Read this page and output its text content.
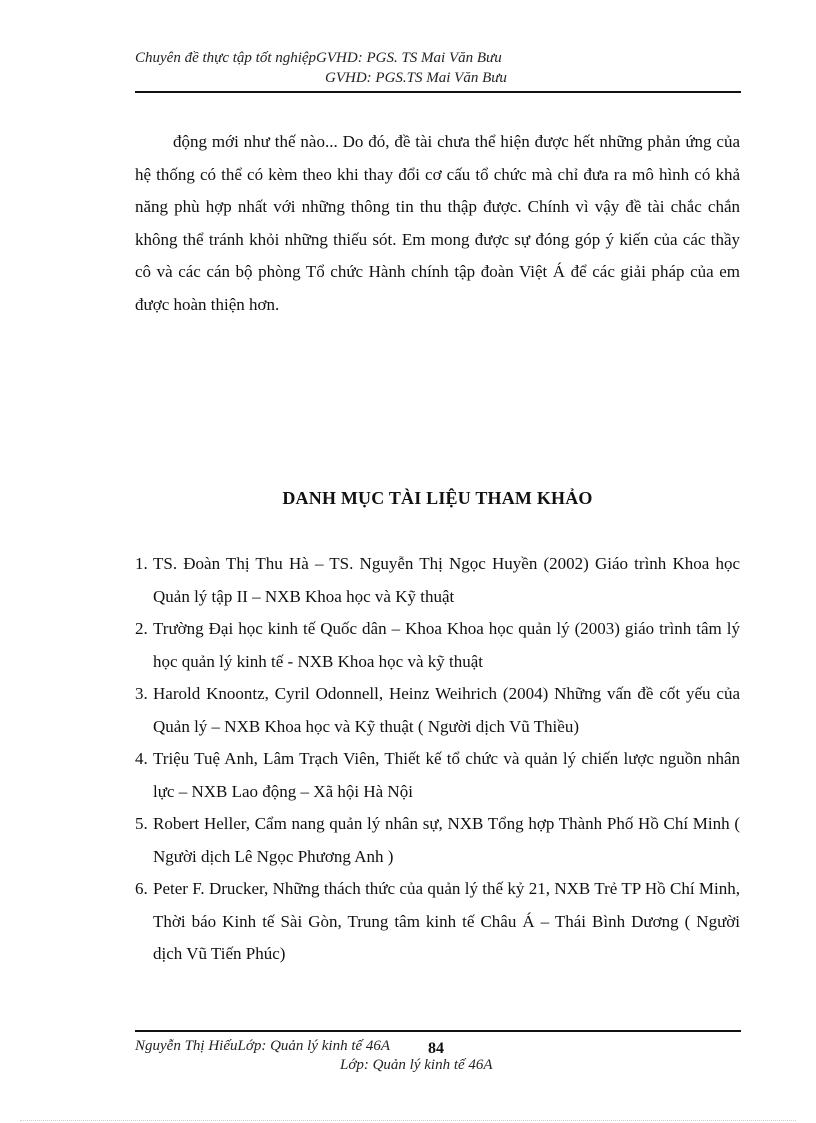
Chuyên đề thực tập tốt nghiệpGVHD: PGS. TS Mai Văn Bưu
GVHD: PGS.TS Mai Văn Bưu

động mới như thế nào... Do đó, đề tài chưa thể hiện được hết những phản ứng của hệ thống có thể có kèm theo khi thay đổi cơ cấu tổ chức mà chỉ đưa ra mô hình có khả năng phù hợp nhất với những thông tin thu thập được. Chính vì vậy đề tài chắc chắn không thể tránh khỏi những thiếu sót. Em mong được sự đóng góp ý kiến của các thầy cô và các cán bộ phòng Tổ chức Hành chính tập đoàn Việt Á để các giải pháp của em được hoàn thiện hơn.

DANH MỤC TÀI LIỆU THAM KHẢO
1. TS. Đoàn Thị Thu Hà – TS. Nguyễn Thị Ngọc Huyền (2002) Giáo trình Khoa học Quản lý tập II – NXB Khoa học và Kỹ thuật
2. Trường Đại học kinh tế Quốc dân – Khoa Khoa học quản lý (2003) giáo trình tâm lý học quản lý kinh tế - NXB Khoa học và kỹ thuật
3. Harold Knoontz, Cyril Odonnell, Heinz Weihrich (2004) Những vấn đề cốt yếu của Quản lý – NXB Khoa học và Kỹ thuật ( Người dịch Vũ Thiều)
4. Triệu Tuệ Anh, Lâm Trạch Viên, Thiết kế tổ chức và quản lý chiến lược nguồn nhân lực – NXB Lao động – Xã hội Hà Nội
5. Robert Heller, Cẩm nang quản lý nhân sự, NXB Tổng hợp Thành Phố Hồ Chí Minh ( Người dịch Lê Ngọc Phương Anh )
6. Peter F. Drucker, Những thách thức của quản lý thế kỷ 21, NXB Trẻ TP Hồ Chí Minh, Thời báo Kinh tế Sài Gòn, Trung tâm kinh tế Châu Á – Thái Bình Dương ( Người dịch Vũ Tiến Phúc)
Nguyễn Thị HiếuLớp: Quản lý kinh tế 46A
Lớp: Quản lý kinh tế 46A
84
